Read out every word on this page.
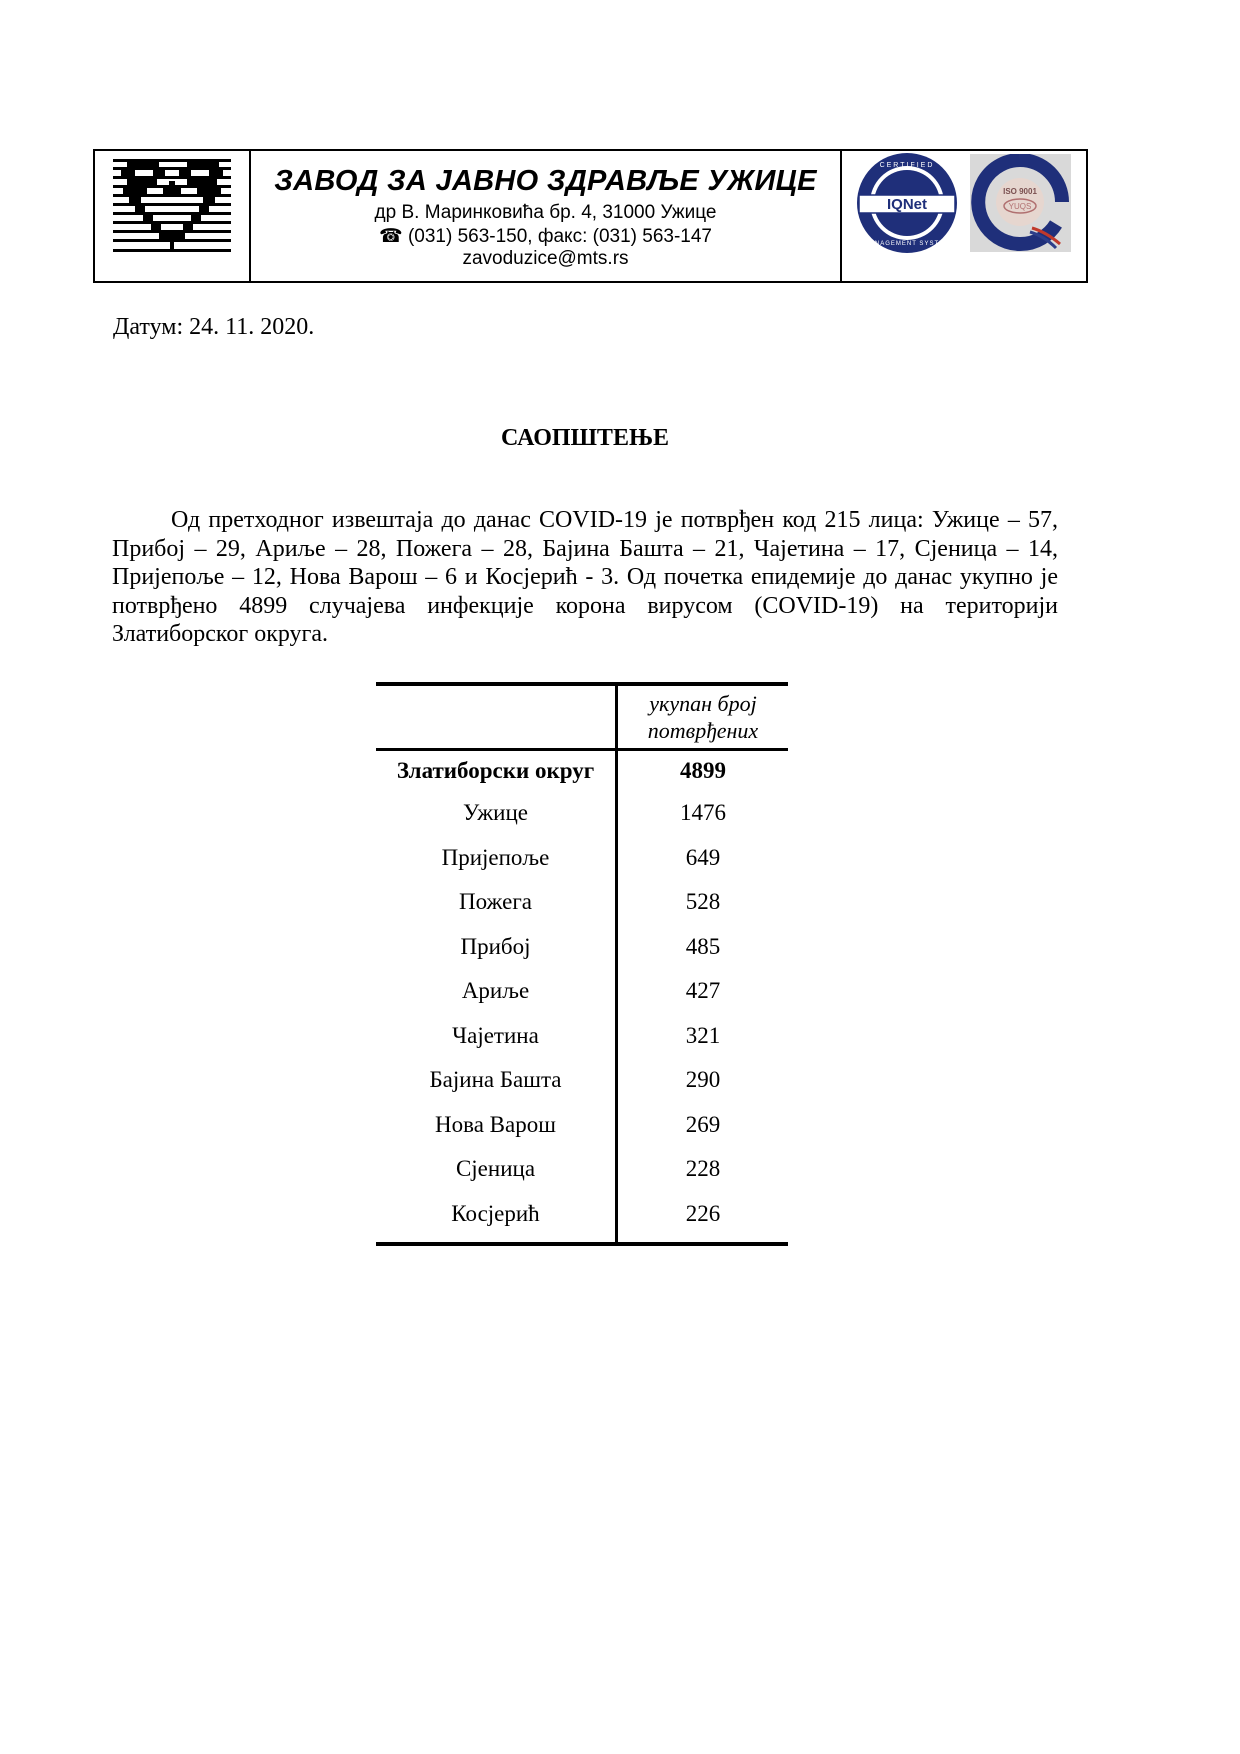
ЗАВОД ЗА ЈАВНО ЗДРАВЉЕ УЖИЦЕ
др В. Маринковића бр. 4, 31000 Ужице
☎ (031) 563-150, факс: (031) 563-147
zavoduzice@mts.rs
IQNet
CERTIFIED
MANAGEMENT SYSTEM
ISO 9001
YUQS
Датум: 24. 11. 2020.
САОПШТЕЊЕ
Од претходног извештаја до данас COVID-19 је потврђен код 215 лица: Ужице – 57, Прибој – 29, Ариље – 28, Пожега – 28, Бајина Башта – 21, Чајетина – 17, Сјеница – 14, Пријепоље – 12, Нова Варош – 6 и Косјерић - 3. Од почетка епидемије до данас укупно је потврђено 4899 случајева инфекције корона вирусом (COVID-19) на територији Златиборског округа.
укупан број потврђених
Златиборски округ	4899
Ужице	1476
Пријепоље	649
Пожега	528
Прибој	485
Ариље	427
Чајетина	321
Бајина Башта	290
Нова Варош	269
Сјеница	228
Косјерић	226
